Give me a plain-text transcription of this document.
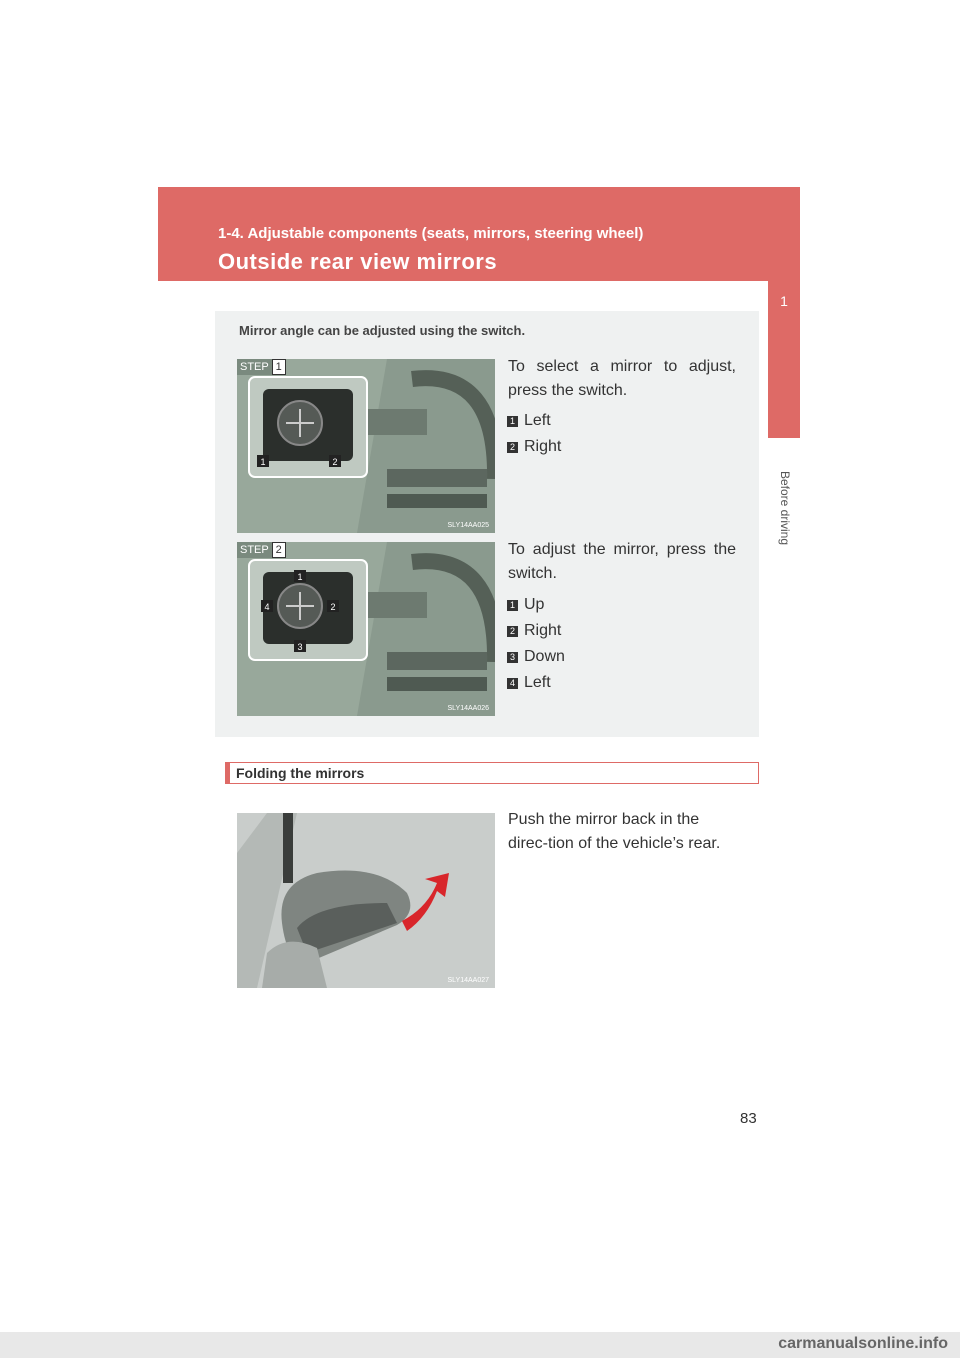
1-4. Adjustable components (seats, mirrors, steering wheel)
Outside rear view mirrors
1
Before driving
Mirror angle can be adjusted using the switch.
1	2
STEP 1
SLY14AA025
To select a mirror to adjust, press the switch.
1 Left
2 Right
1
2
3
4
STEP 2
SLY14AA026
To adjust the mirror, press the switch.
1 Up
2 Right
3 Down
4 Left
Folding the mirrors
SLY14AA027
Push the mirror back in the direc-tion of the vehicle’s rear.
83
carmanualsonline.info
